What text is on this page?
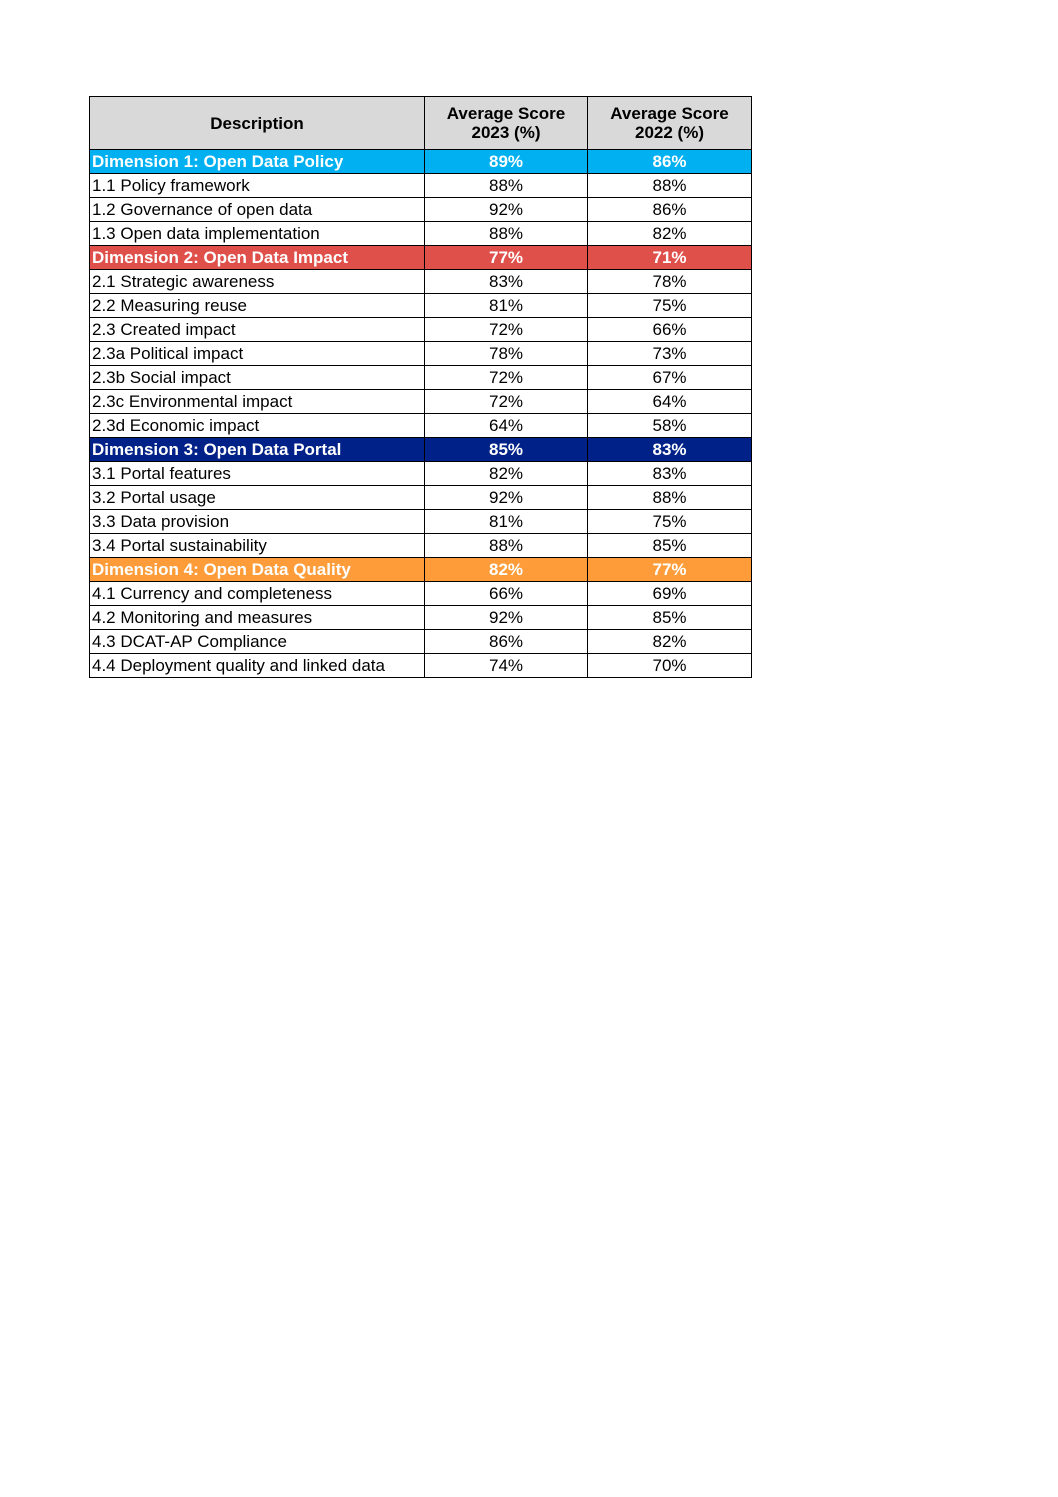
Description	Average Score 2023 (%)	Average Score 2022 (%)
Dimension 1: Open Data Policy	89%	86%
1.1 Policy framework	88%	88%
1.2 Governance of open data	92%	86%
1.3 Open data implementation	88%	82%
Dimension 2: Open Data Impact	77%	71%
2.1 Strategic awareness	83%	78%
2.2 Measuring reuse	81%	75%
2.3 Created impact	72%	66%
2.3a Political impact	78%	73%
2.3b Social impact	72%	67%
2.3c Environmental impact	72%	64%
2.3d Economic impact	64%	58%
Dimension 3: Open Data Portal	85%	83%
3.1 Portal features	82%	83%
3.2 Portal usage	92%	88%
3.3 Data provision	81%	75%
3.4 Portal sustainability	88%	85%
Dimension 4: Open Data Quality	82%	77%
4.1 Currency and completeness	66%	69%
4.2 Monitoring and measures	92%	85%
4.3 DCAT-AP Compliance	86%	82%
4.4 Deployment quality and linked data	74%	70%
